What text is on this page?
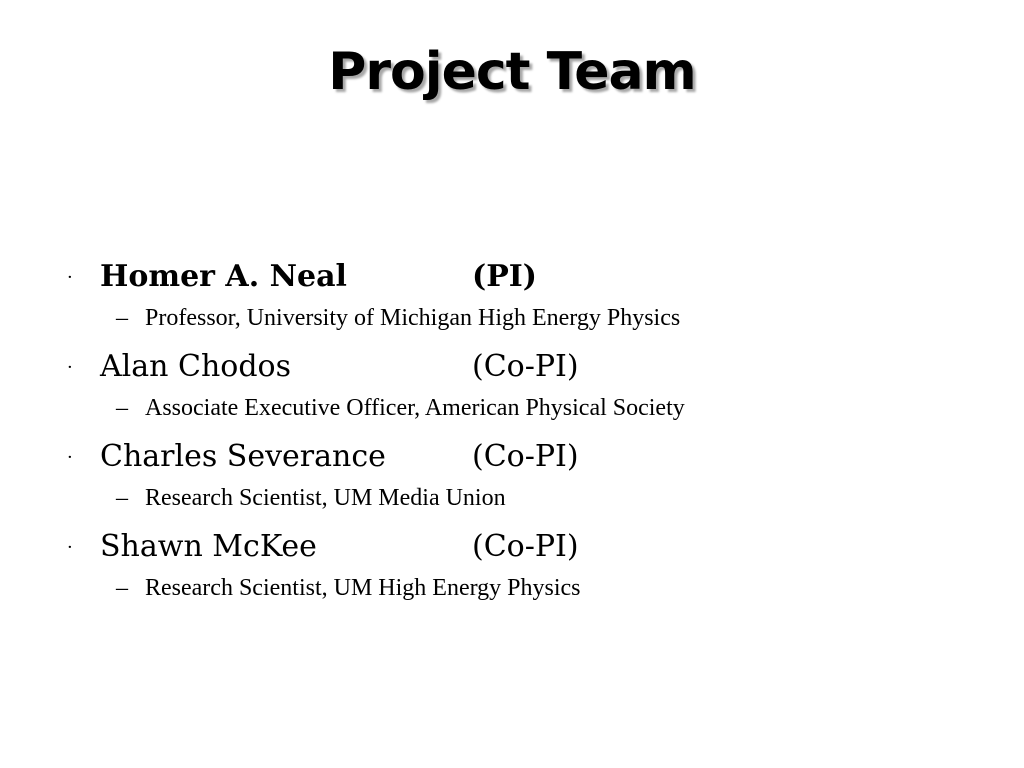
Project Team
· Homer A. Neal	(PI)
– Professor, University of Michigan High Energy Physics
· Alan Chodos	(Co-PI)
– Associate Executive Officer, American Physical Society
· Charles Severance	(Co-PI)
– Research Scientist, UM Media Union
· Shawn McKee	(Co-PI)
– Research Scientist, UM High Energy Physics
